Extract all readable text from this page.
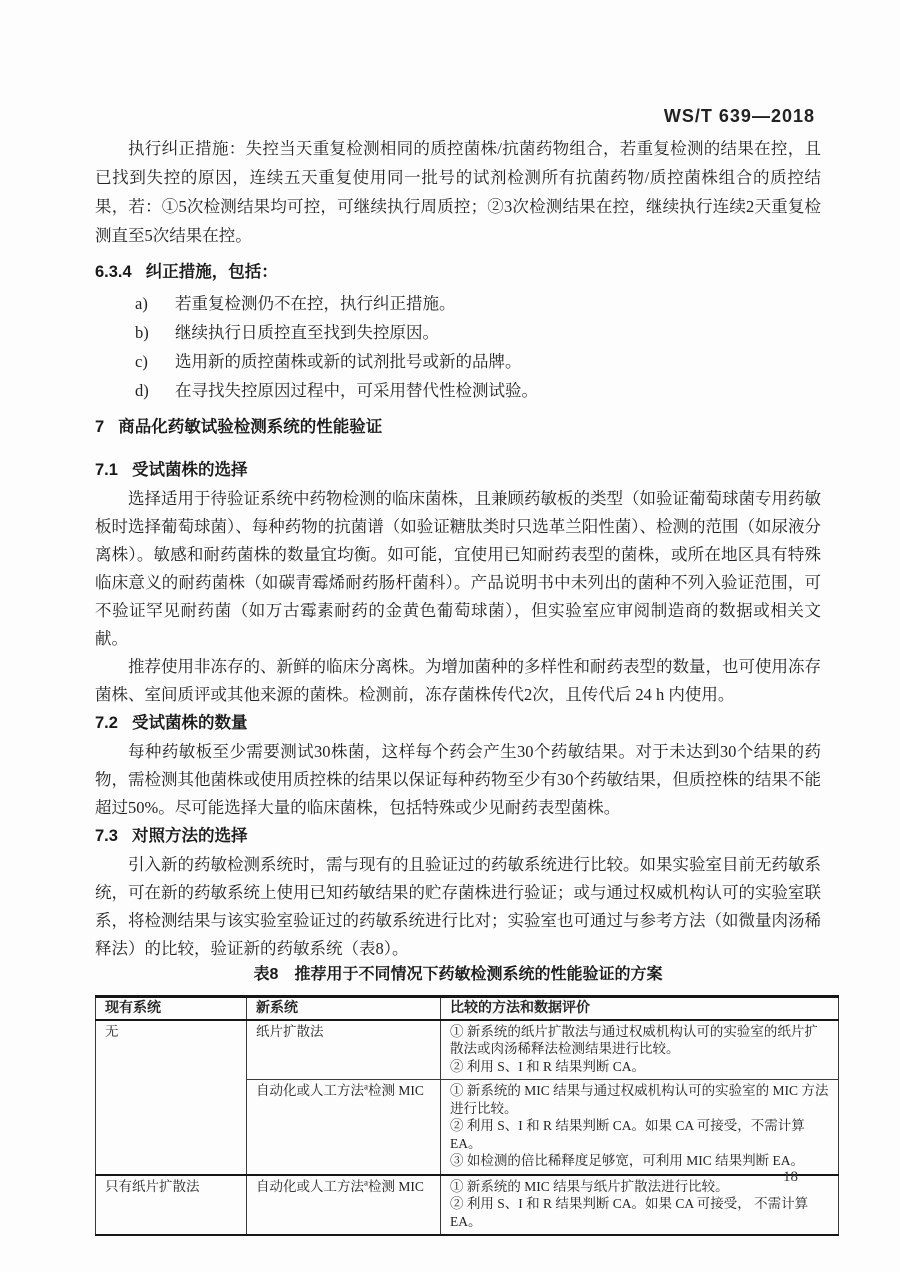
WS/T 639—2018

执行纠正措施：失控当天重复检测相同的质控菌株/抗菌药物组合，若重复检测的结果在控，且已找到失控的原因，连续五天重复使用同一批号的试剂检测所有抗菌药物/质控菌株组合的质控结果，若：①5次检测结果均可控，可继续执行周质控；②3次检测结果在控，继续执行连续2天重复检测直至5次结果在控。

6.3.4 纠正措施，包括：
a)	若重复检测仍不在控，执行纠正措施。
b)	继续执行日质控直至找到失控原因。
c)	选用新的质控菌株或新的试剂批号或新的品牌。
d)	在寻找失控原因过程中，可采用替代性检测试验。
7 商品化药敏试验检测系统的性能验证
7.1 受试菌株的选择

选择适用于待验证系统中药物检测的临床菌株，且兼顾药敏板的类型（如验证葡萄球菌专用药敏板时选择葡萄球菌）、每种药物的抗菌谱（如验证糖肽类时只选革兰阳性菌）、检测的范围（如尿液分离株）。敏感和耐药菌株的数量宜均衡。如可能，宜使用已知耐药表型的菌株，或所在地区具有特殊临床意义的耐药菌株（如碳青霉烯耐药肠杆菌科）。产品说明书中未列出的菌种不列入验证范围，可不验证罕见耐药菌（如万古霉素耐药的金黄色葡萄球菌），但实验室应审阅制造商的数据或相关文献。

推荐使用非冻存的、新鲜的临床分离株。为增加菌种的多样性和耐药表型的数量，也可使用冻存菌株、室间质评或其他来源的菌株。检测前，冻存菌株传代2次，且传代后 24 h 内使用。

7.2 受试菌株的数量

每种药敏板至少需要测试30株菌，这样每个药会产生30个药敏结果。对于未达到30个结果的药物，需检测其他菌株或使用质控株的结果以保证每种药物至少有30个药敏结果，但质控株的结果不能超过50%。尽可能选择大量的临床菌株，包括特殊或少见耐药表型菌株。

7.3 对照方法的选择

引入新的药敏检测系统时，需与现有的且验证过的药敏系统进行比较。如果实验室目前无药敏系统，可在新的药敏系统上使用已知药敏结果的贮存菌株进行验证；或与通过权威机构认可的实验室联系，将检测结果与该实验室验证过的药敏系统进行比对；实验室也可通过与参考方法（如微量肉汤稀释法）的比较，验证新的药敏系统（表8）。

表8 推荐用于不同情况下药敏检测系统的性能验证的方案
现有系统	新系统	比较的方法和数据评价
无	纸片扩散法	① 新系统的纸片扩散法与通过权威机构认可的实验室的纸片扩散法或肉汤稀释法检测结果进行比较。
② 利用 S、I 和 R 结果判断 CA。

	自动化或人工方法$^a$检测 MIC	① 新系统的 MIC 结果与通过权威机构认可的实验室的 MIC 方法进行比较。
② 利用 S、I 和 R 结果判断 CA。如果 CA 可接受，不需计算 EA。
③ 如检测的倍比稀释度足够宽，可利用 MIC 结果判断 EA。

只有纸片扩散法	自动化或人工方法$^a$检测 MIC	① 新系统的 MIC 结果与纸片扩散法进行比较。
② 利用 S、I 和 R 结果判断 CA。如果 CA 可接受， 不需计算 EA。
18
